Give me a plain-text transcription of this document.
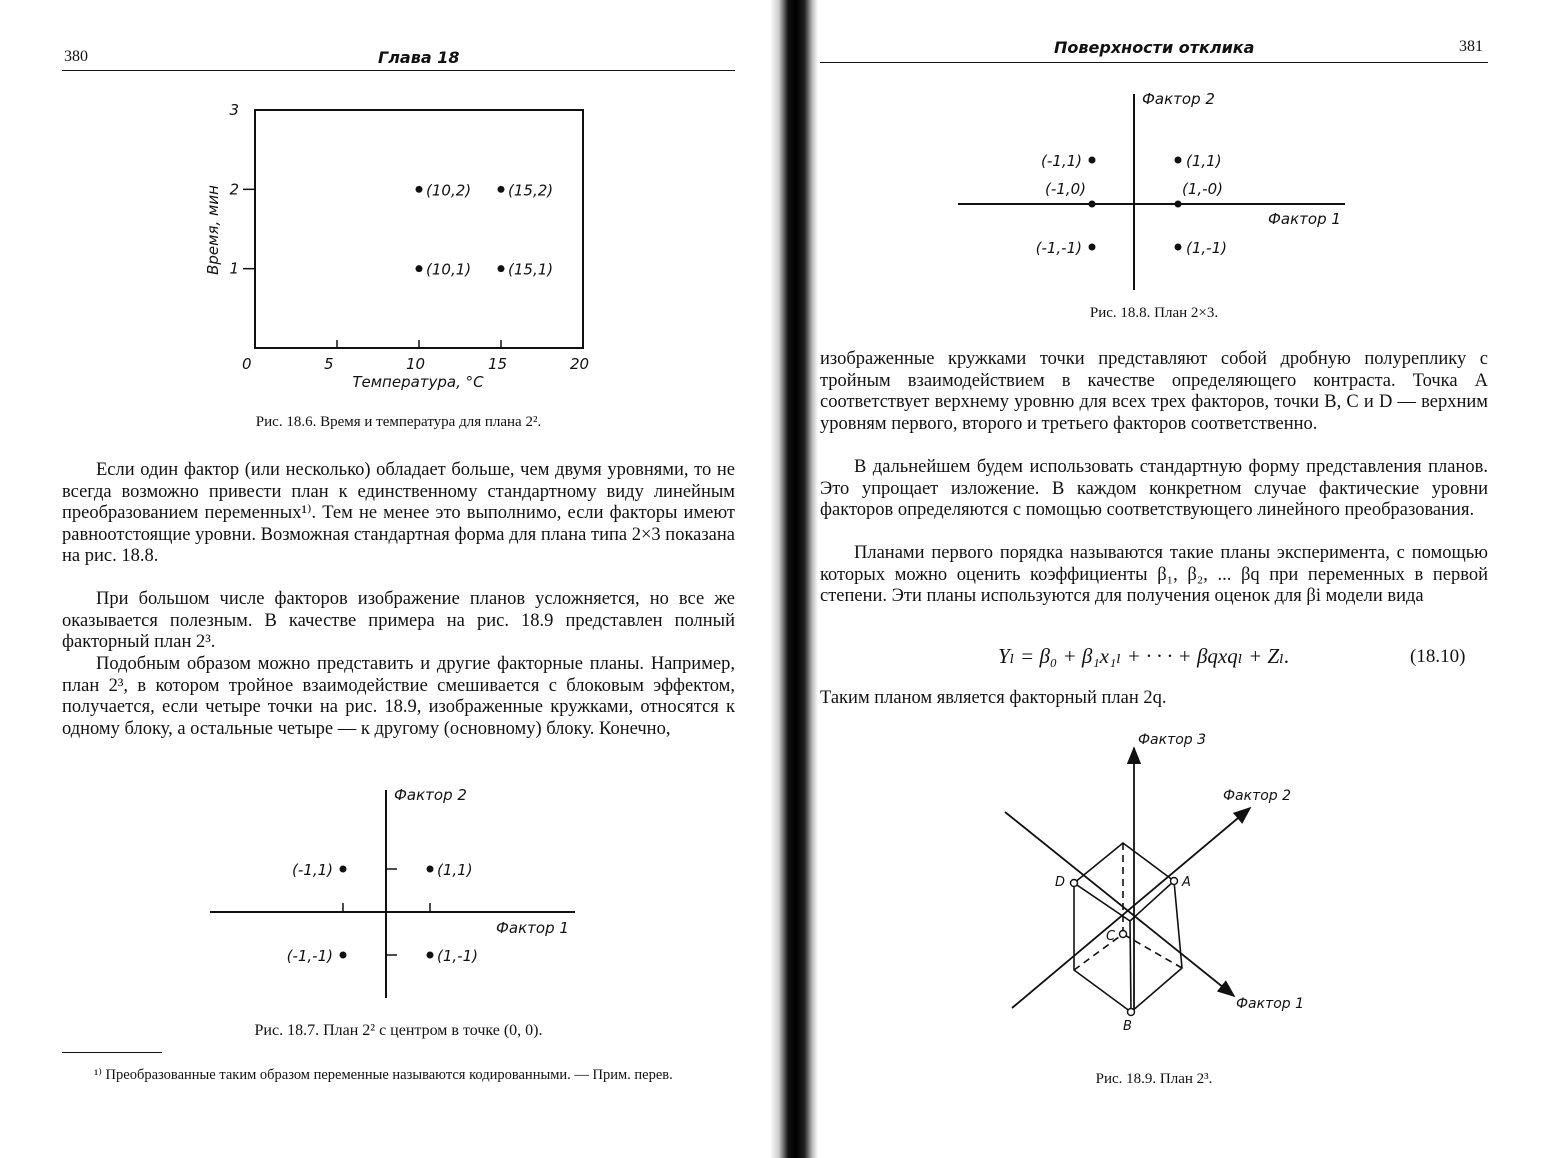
380	Глава 18
0	5	10	15	20
1
2
3
(10,2) (15,2)
(10,1) (15,1)
Температура, °C
Время, мин
Рис. 18.6. Время и температура для плана 2².

Если один фактор (или несколько) обладает больше, чем двумя уровнями, то не всегда возможно привести план к единственному стандартному виду линейным преобразованием переменных¹⁾. Тем не менее это выполнимо, если факторы имеют равноотстоящие уровни. Возможная стандартная форма для плана типа 2×3 показана на рис. 18.8.

При большом числе факторов изображение планов усложняется, но все же оказывается полезным. В качестве примера на рис. 18.9 представлен полный факторный план 2³.

Подобным образом можно представить и другие факторные планы. Например, план 2³, в котором тройное взаимодействие смешивается с блоковым эффектом, получается, если четыре точки на рис. 18.9, изображенные кружками, относятся к одному блоку, а остальные четыре — к другому (основному) блоку. Конечно,

Фактор 2
Фактор 1
(-1,1)	(1,1)
(-1,-1)	(1,-1)
Рис. 18.7. План 2² с центром в точке (0, 0).
¹⁾ Преобразованные таким образом переменные называются кодированными. — Прим. перев.
Поверхности отклика	381
Фактор 2
Фактор 1
(-1,1)	(1,1)
(-1,0)	(1,-0)
(-1,-1)	(1,-1)
Рис. 18.8. План 2×3.

изображенные кружками точки представляют собой дробную полуреплику с тройным взаимодействием в качестве определяющего контраста. Точка A соответствует верхнему уровню для всех трех факторов, точки B, C и D — верхним уровням первого, второго и третьего факторов соответственно.

В дальнейшем будем использовать стандартную форму представления планов. Это упрощает изложение. В каждом конкретном случае фактические уровни факторов определяются с помощью соответствующего линейного преобразования.

Планами первого порядка называются такие планы эксперимента, с помощью которых можно оценить коэффициенты β₁, β₂, ... βq при переменных в первой степени. Эти планы используются для получения оценок для βi модели вида

Yₗ = β₀ + β₁x₁ₗ + · · · + βqxqₗ + Zₗ.	(18.10)

Таким планом является факторный план 2q.

Фактор 3
Фактор 2
Фактор 1
A
B
C
D
Рис. 18.9. План 2³.
